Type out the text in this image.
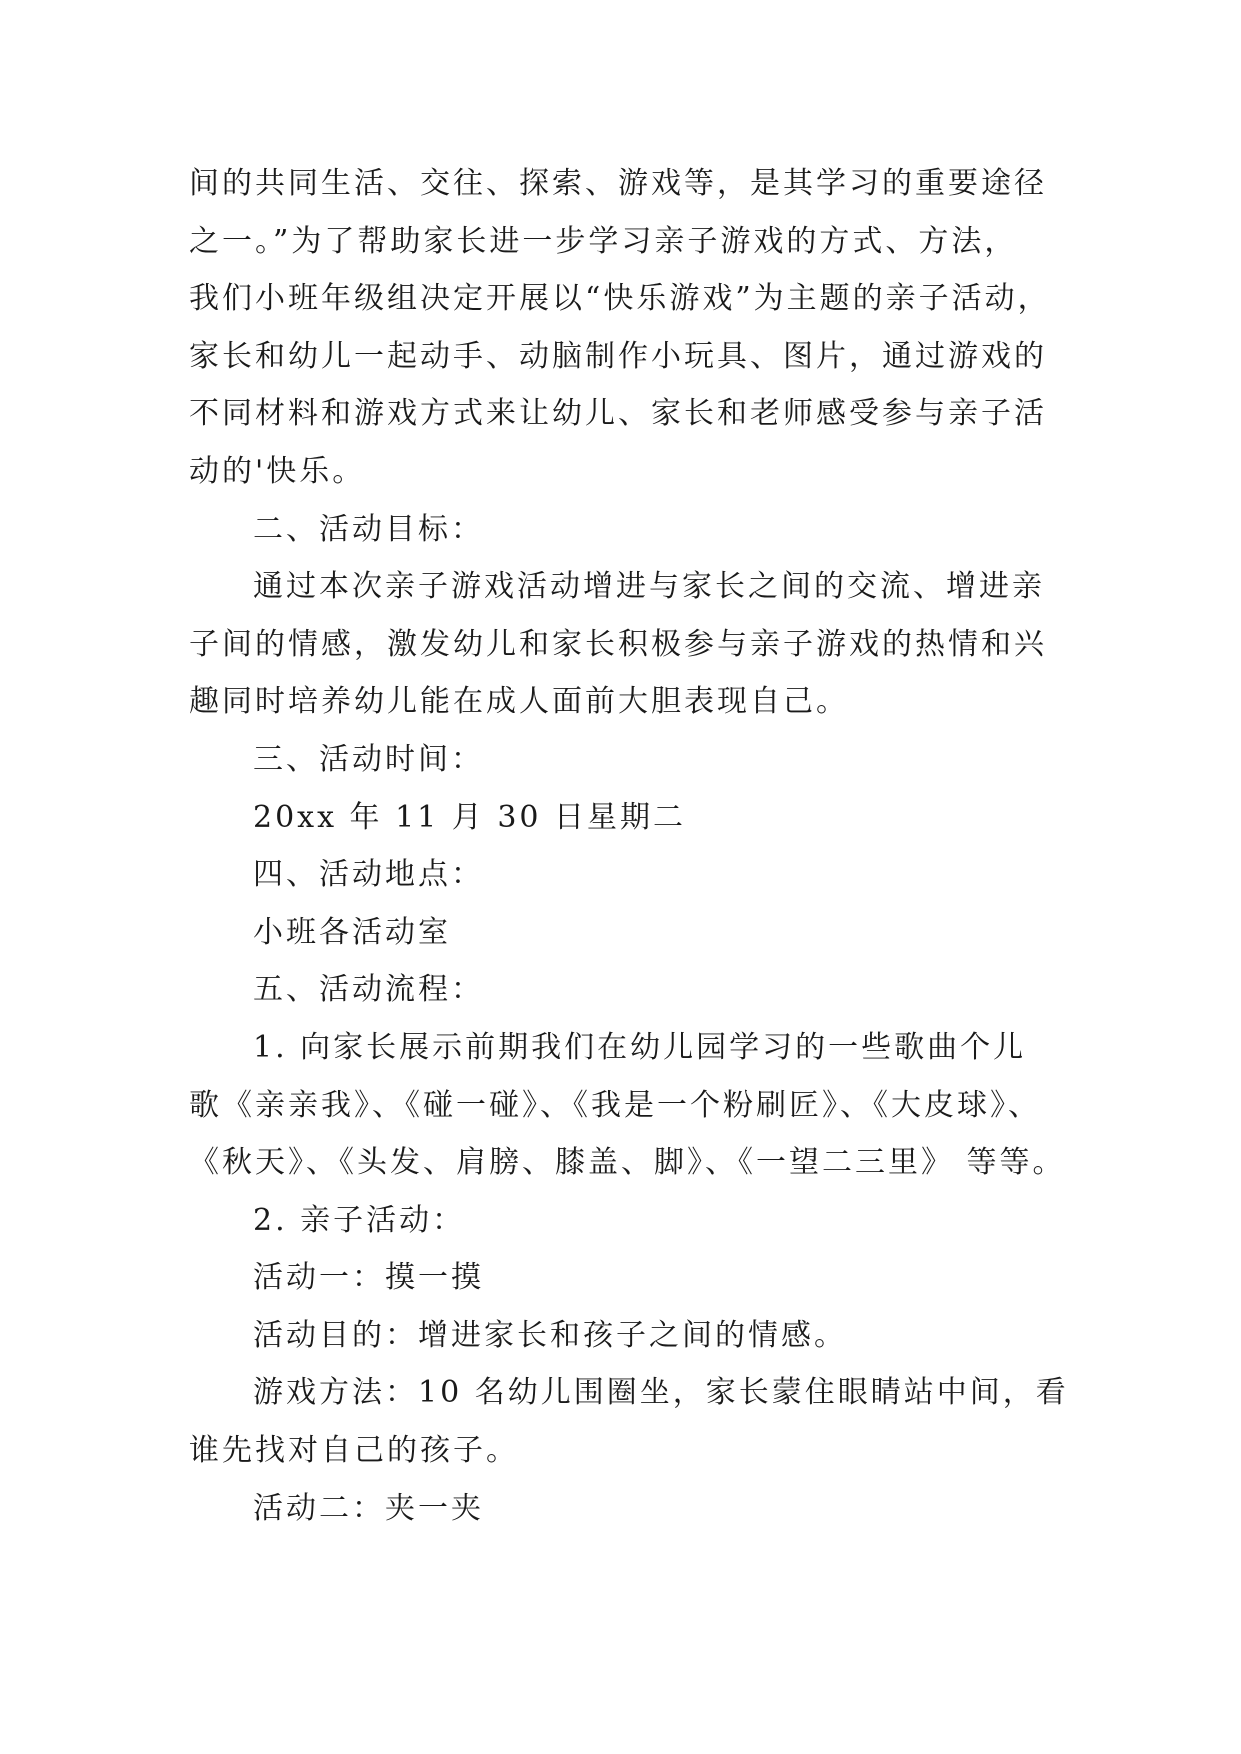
间的共同生活、交往、探索、游戏等，是其学习的重要途径
之一。”为了帮助家长进一步学习亲子游戏的方式、方法，
我们小班年级组决定开展以“快乐游戏”为主题的亲子活动，
家长和幼儿一起动手、动脑制作小玩具、图片，通过游戏的
不同材料和游戏方式来让幼儿、家长和老师感受参与亲子活
动的'快乐。
二、活动目标：
通过本次亲子游戏活动增进与家长之间的交流、增进亲
子间的情感，激发幼儿和家长积极参与亲子游戏的热情和兴
趣同时培养幼儿能在成人面前大胆表现自己。
三、活动时间：
20xx 年 11 月 30 日星期二
四、活动地点：
小班各活动室
五、活动流程：
1. 向家长展示前期我们在幼儿园学习的一些歌曲个儿
歌《亲亲我》、《碰一碰》、《我是一个粉刷匠》、《大皮球》、
《秋天》、《头发、肩膀、膝盖、脚》、《一望二三里》 等等。
2. 亲子活动：
活动一：摸一摸
活动目的：增进家长和孩子之间的情感。
游戏方法：10 名幼儿围圈坐，家长蒙住眼睛站中间，看
谁先找对自己的孩子。
活动二：夹一夹
